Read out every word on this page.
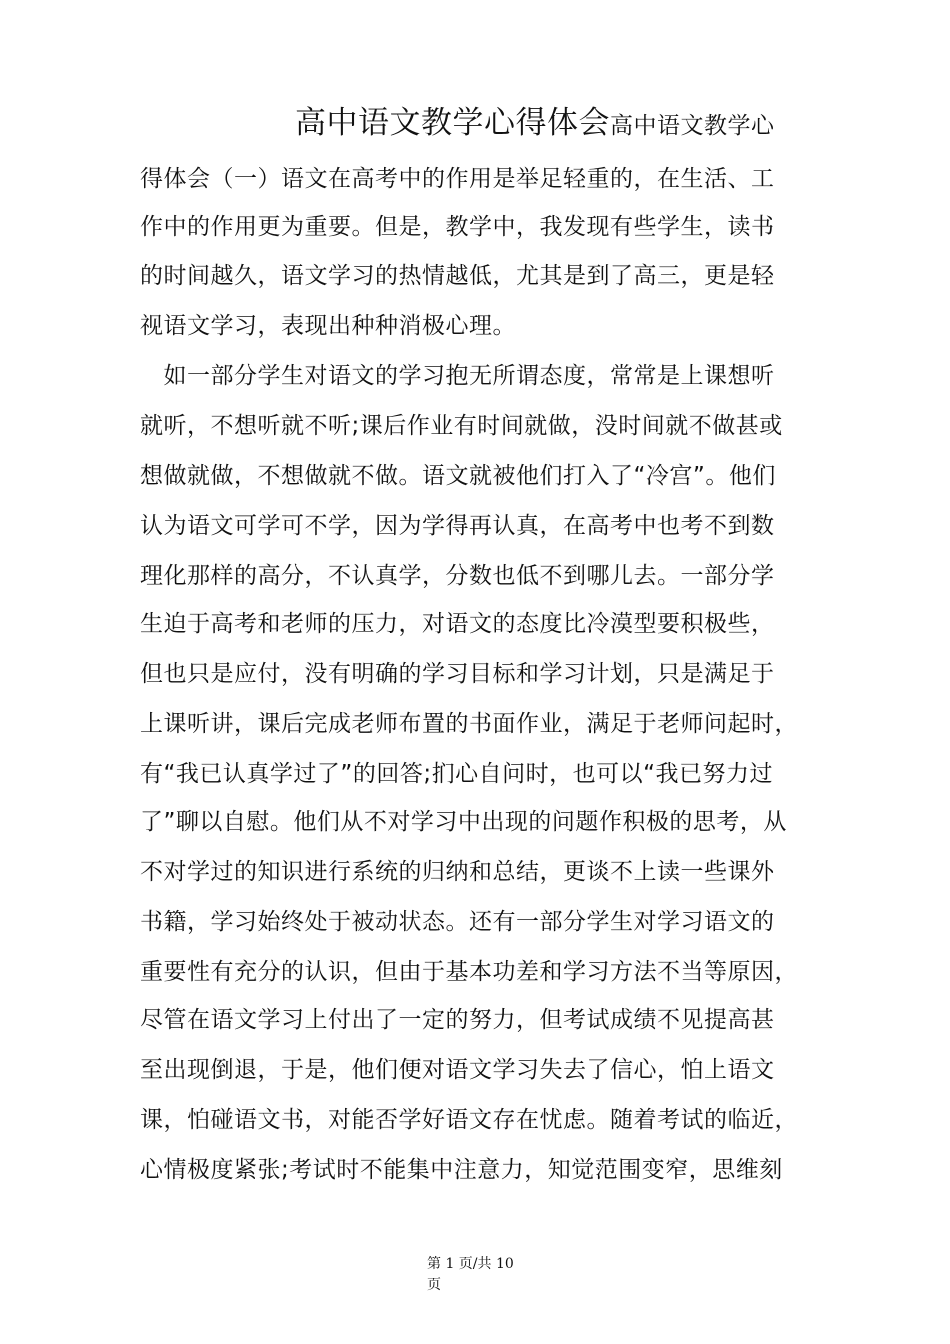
高中语文教学心得体会高中语文教学心
得体会（一）语文在高考中的作用是举足轻重的，在生活、工
作中的作用更为重要。但是，教学中，我发现有些学生，读书
的时间越久，语文学习的热情越低，尤其是到了高三，更是轻
视语文学习，表现出种种消极心理。
　如一部分学生对语文的学习抱无所谓态度，常常是上课想听
就听，不想听就不听;课后作业有时间就做，没时间就不做甚或
想做就做，不想做就不做。语文就被他们打入了“冷宫”。他们
认为语文可学可不学，因为学得再认真，在高考中也考不到数
理化那样的高分，不认真学，分数也低不到哪儿去。一部分学
生迫于高考和老师的压力，对语文的态度比冷漠型要积极些，
但也只是应付，没有明确的学习目标和学习计划，只是满足于
上课听讲，课后完成老师布置的书面作业，满足于老师问起时，
有“我已认真学过了”的回答;扪心自问时，也可以“我已努力过
了”聊以自慰。他们从不对学习中出现的问题作积极的思考，从
不对学过的知识进行系统的归纳和总结，更谈不上读一些课外
书籍，学习始终处于被动状态。还有一部分学生对学习语文的
重要性有充分的认识，但由于基本功差和学习方法不当等原因，
尽管在语文学习上付出了一定的努力，但考试成绩不见提高甚
至出现倒退，于是，他们便对语文学习失去了信心，怕上语文
课，怕碰语文书，对能否学好语文存在忧虑。随着考试的临近，
心情极度紧张;考试时不能集中注意力，知觉范围变窄，思维刻
第 1 页/共 10
页
